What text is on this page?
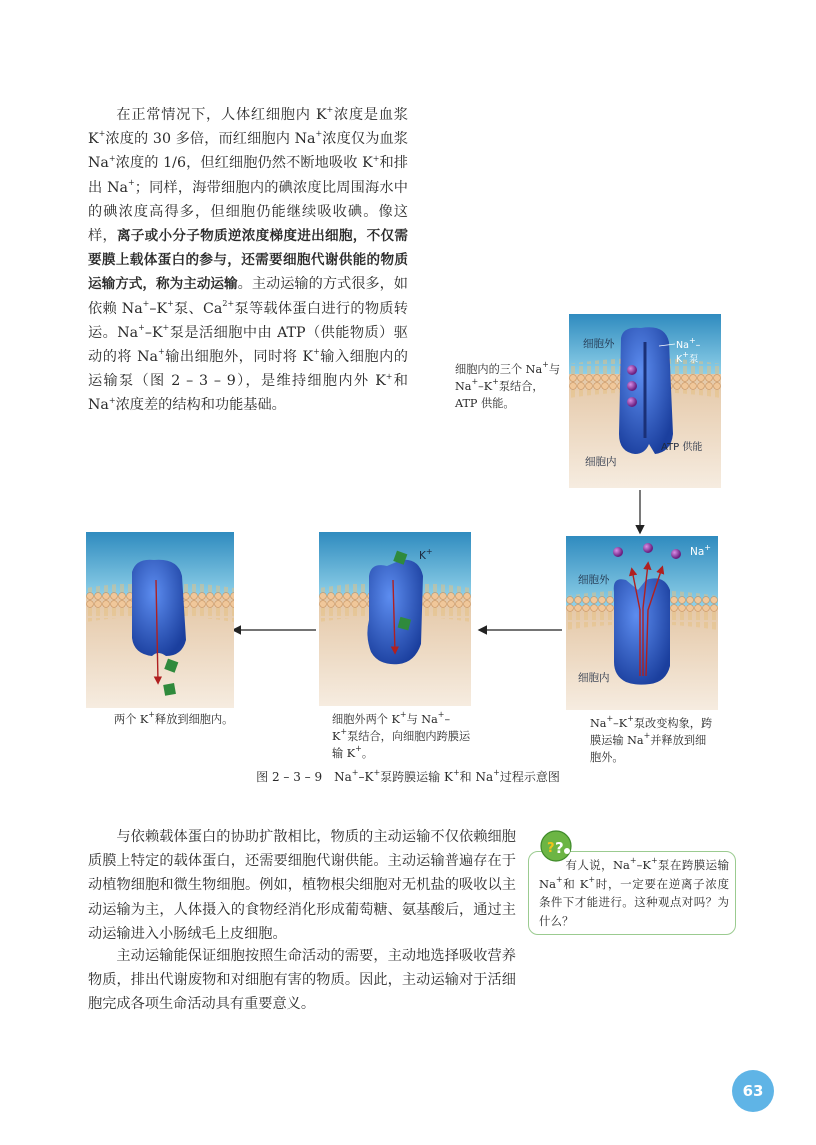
在正常情况下，人体红细胞内 K+浓度是血浆 K+浓度的 30 多倍，而红细胞内 Na+浓度仅为血浆 Na+浓度的 1/6，但红细胞仍然不断地吸收 K+和排出 Na+；同样，海带细胞内的碘浓度比周围海水中的碘浓度高得多，但细胞仍能继续吸收碘。像这样，离子或小分子物质逆浓度梯度进出细胞，不仅需要膜上载体蛋白的参与，还需要细胞代谢供能的物质运输方式，称为主动运输。主动运输的方式很多，如依赖 Na+–K+泵、$Ca^{2+}$泵等载体蛋白进行的物质转运。Na+–K+泵是活细胞中由 ATP（供能物质）驱动的将 Na+输出细胞外，同时将 K+输入细胞内的运输泵（图 2 – 3 – 9），是维持细胞内外 K+和 Na+浓度差的结构和功能基础。

细胞外
细胞内
Na+–K+泵
ATP 供能
细胞内的三个 Na+与 Na+–K+泵结合，ATP 供能。
Na+
细胞外
细胞内
Na+–K+泵改变构象，跨膜运输 Na+并释放到细胞外。
K+
细胞外两个 K+与 Na+–K+泵结合，向细胞内跨膜运输 K+。
两个 K+释放到细胞内。
图 2 – 3 – 9　Na+–K+泵跨膜运输 K+和 Na+过程示意图

与依赖载体蛋白的协助扩散相比，物质的主动运输不仅依赖细胞质膜上特定的载体蛋白，还需要细胞代谢供能。主动运输普遍存在于动植物细胞和微生物细胞。例如，植物根尖细胞对无机盐的吸收以主动运输为主，人体摄入的食物经消化形成葡萄糖、氨基酸后，通过主动运输进入小肠绒毛上皮细胞。

主动运输能保证细胞按照生命活动的需要，主动地选择吸收营养物质，排出代谢废物和对细胞有害的物质。因此，主动运输对于活细胞完成各项生命活动具有重要意义。

有人说，Na+–K+泵在跨膜运输 Na+和 K+时，一定要在逆离子浓度条件下才能进行。这种观点对吗？为什么？
? ?
63
